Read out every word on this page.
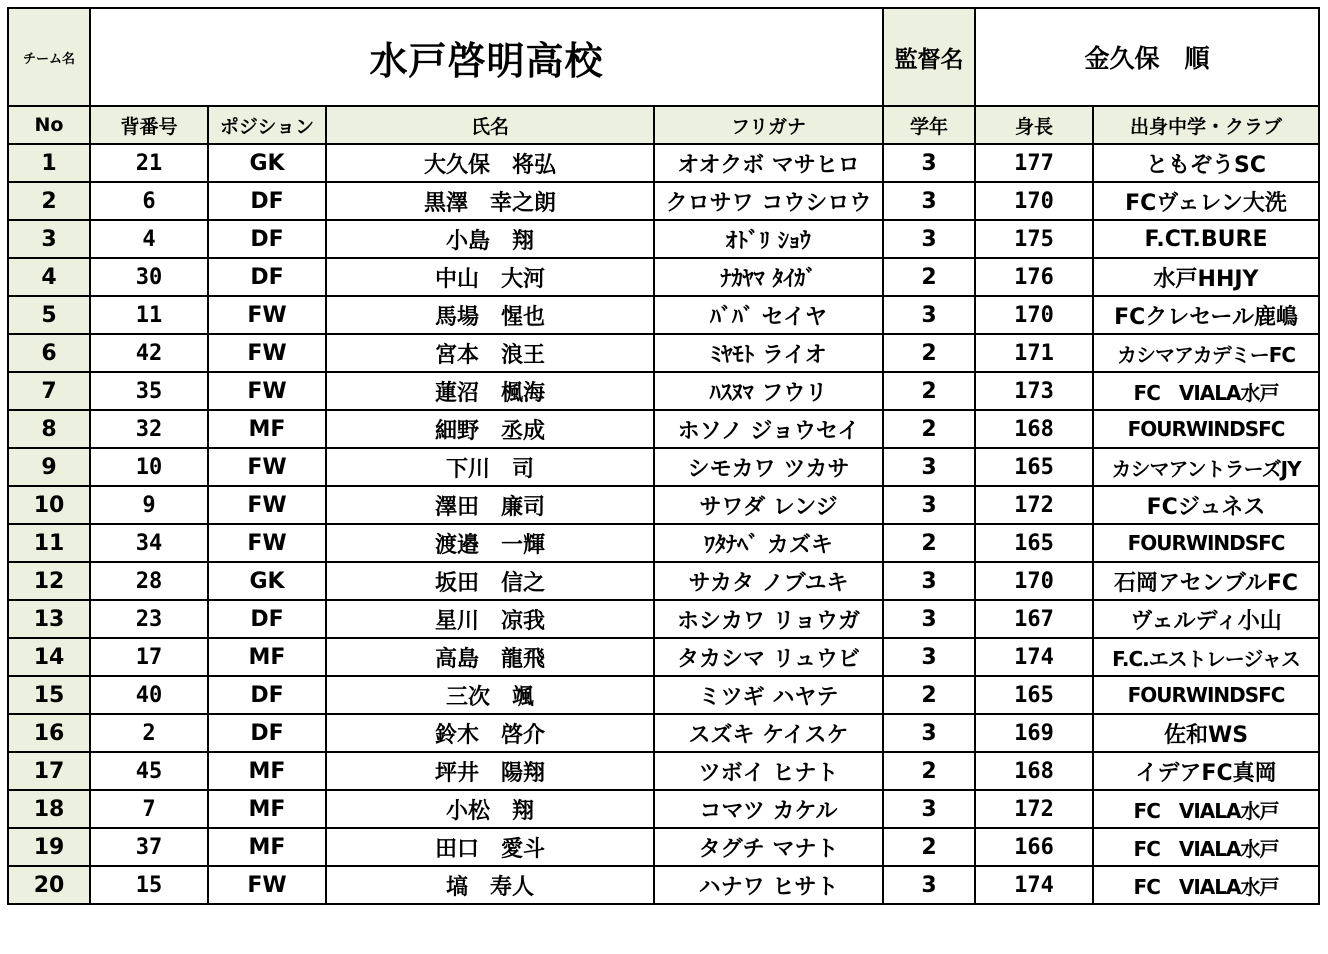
チーム名	水戸啓明高校				監督名	金久保　順	
No	背番号	ポジション	氏名	フリガナ	学年	身長	出身中学・クラブ
1	21	GK	大久保　将弘	オオクボ マサヒロ	3	177	ともぞうSC
2	6	DF	黒澤　幸之朗	クロサワ コウシロウ	3	170	FCヴェレン大洗
3	4	DF	小島　翔	ｵﾄﾞﾘ ｼｮｳ	3	175	F.CT.BURE
4	30	DF	中山　大河	ﾅｶﾔﾏ ﾀｲｶﾞ	2	176	水戸HHJY
5	11	FW	馬場　惺也	ﾊﾞﾊﾞ セイヤ	3	170	FCクレセール鹿嶋
6	42	FW	宮本　浪王	ﾐﾔﾓﾄ ライオ	2	171	カシマアカデミーFC
7	35	FW	蓮沼　楓海	ﾊｽﾇﾏ フウリ	2	173	FC　VIALA水戸
8	32	MF	細野　丞成	ホソノ ジョウセイ	2	168	FOURWINDSFC
9	10	FW	下川　司	シモカワ ツカサ	3	165	カシマアントラーズJY
10	9	FW	澤田　廉司	サワダ レンジ	3	172	FCジュネス
11	34	FW	渡邉　一輝	ﾜﾀﾅﾍﾞ カズキ	2	165	FOURWINDSFC
12	28	GK	坂田　信之	サカタ ノブユキ	3	170	石岡アセンブルFC
13	23	DF	星川　凉我	ホシカワ リョウガ	3	167	ヴェルディ小山
14	17	MF	高島　龍飛	タカシマ リュウビ	3	174	F.C.エストレージャス
15	40	DF	三次　颯	ミツギ ハヤテ	2	165	FOURWINDSFC
16	2	DF	鈴木　啓介	スズキ ケイスケ	3	169	佐和WS
17	45	MF	坪井　陽翔	ツボイ ヒナト	2	168	イデアFC真岡
18	7	MF	小松　翔	コマツ カケル	3	172	FC　VIALA水戸
19	37	MF	田口　愛斗	タグチ マナト	2	166	FC　VIALA水戸
20	15	FW	塙　寿人	ハナワ ヒサト	3	174	FC　VIALA水戸
